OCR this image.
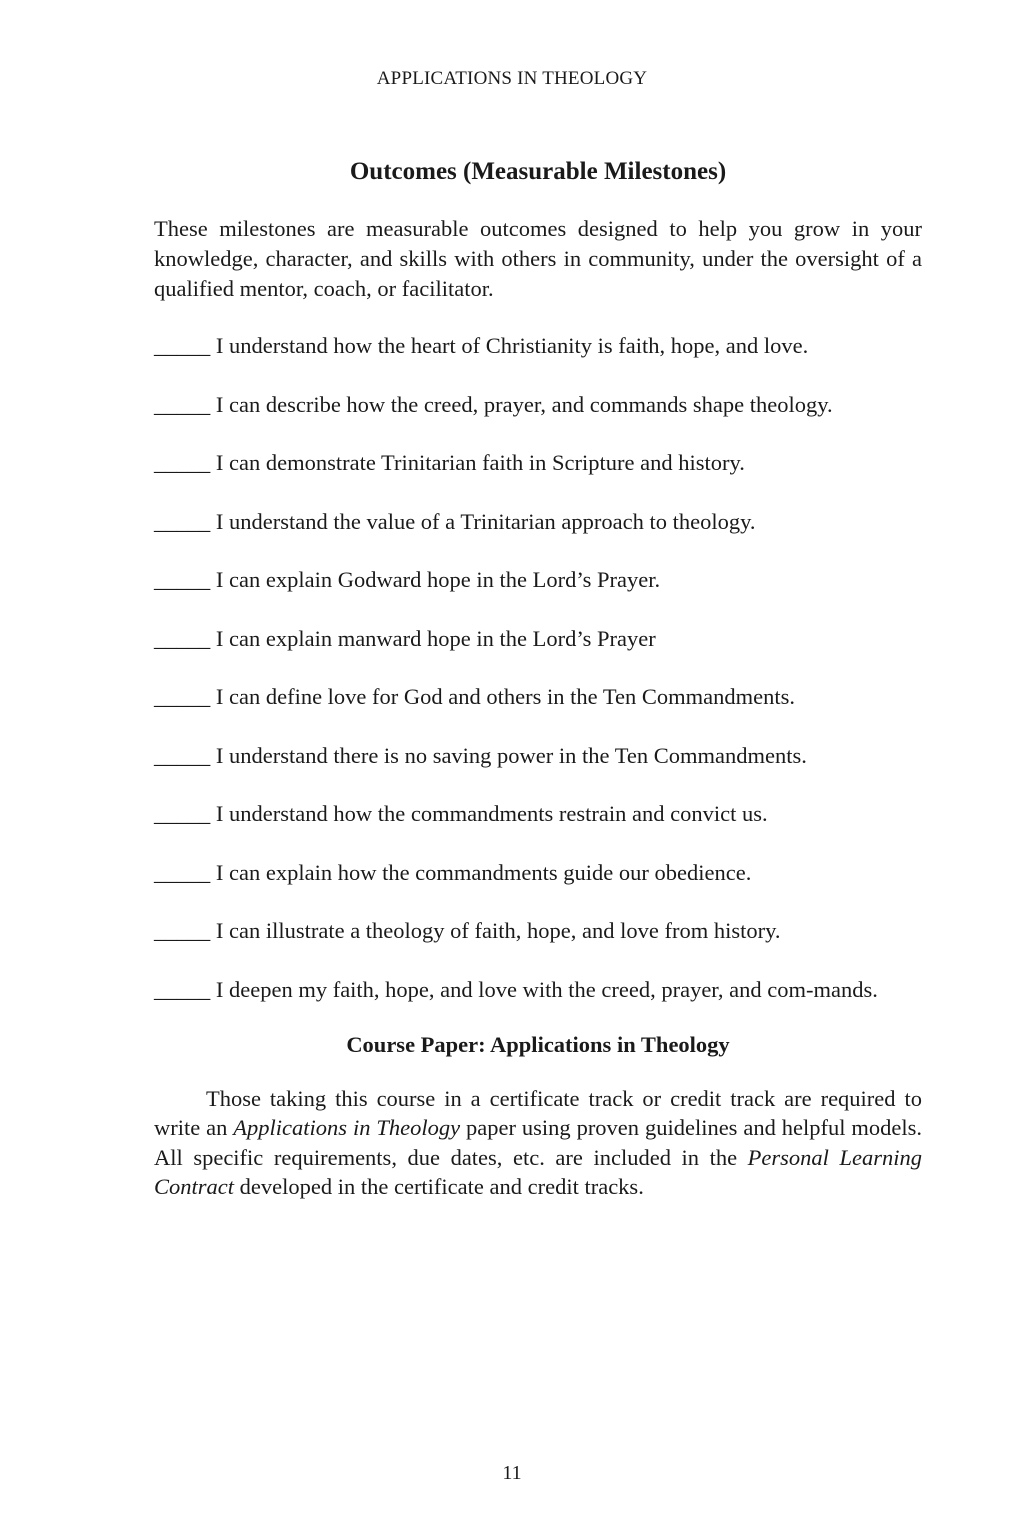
APPLICATIONS IN THEOLOGY
Outcomes (Measurable Milestones)

These milestones are measurable outcomes designed to help you grow in your knowledge, character, and skills with others in community, under the oversight of a qualified mentor, coach, or facilitator.

_____ I understand how the heart of Christianity is faith, hope, and love.
_____ I can describe how the creed, prayer, and commands shape theology.
_____ I can demonstrate Trinitarian faith in Scripture and history.
_____ I understand the value of a Trinitarian approach to theology.
_____ I can explain Godward hope in the Lord’s Prayer.
_____ I can explain manward hope in the Lord’s Prayer
_____ I can define love for God and others in the Ten Commandments.
_____ I understand there is no saving power in the Ten Commandments.
_____ I understand how the commandments restrain and convict us.
_____ I can explain how the commandments guide our obedience.
_____ I can illustrate a theology of faith, hope, and love from history.
_____ I deepen my faith, hope, and love with the creed, prayer, and com-mands.
Course Paper: Applications in Theology

Those taking this course in a certificate track or credit track are required to write an Applications in Theology paper using proven guidelines and helpful models. All specific requirements, due dates, etc. are included in the Personal Learning Contract developed in the certificate and credit tracks.

11
